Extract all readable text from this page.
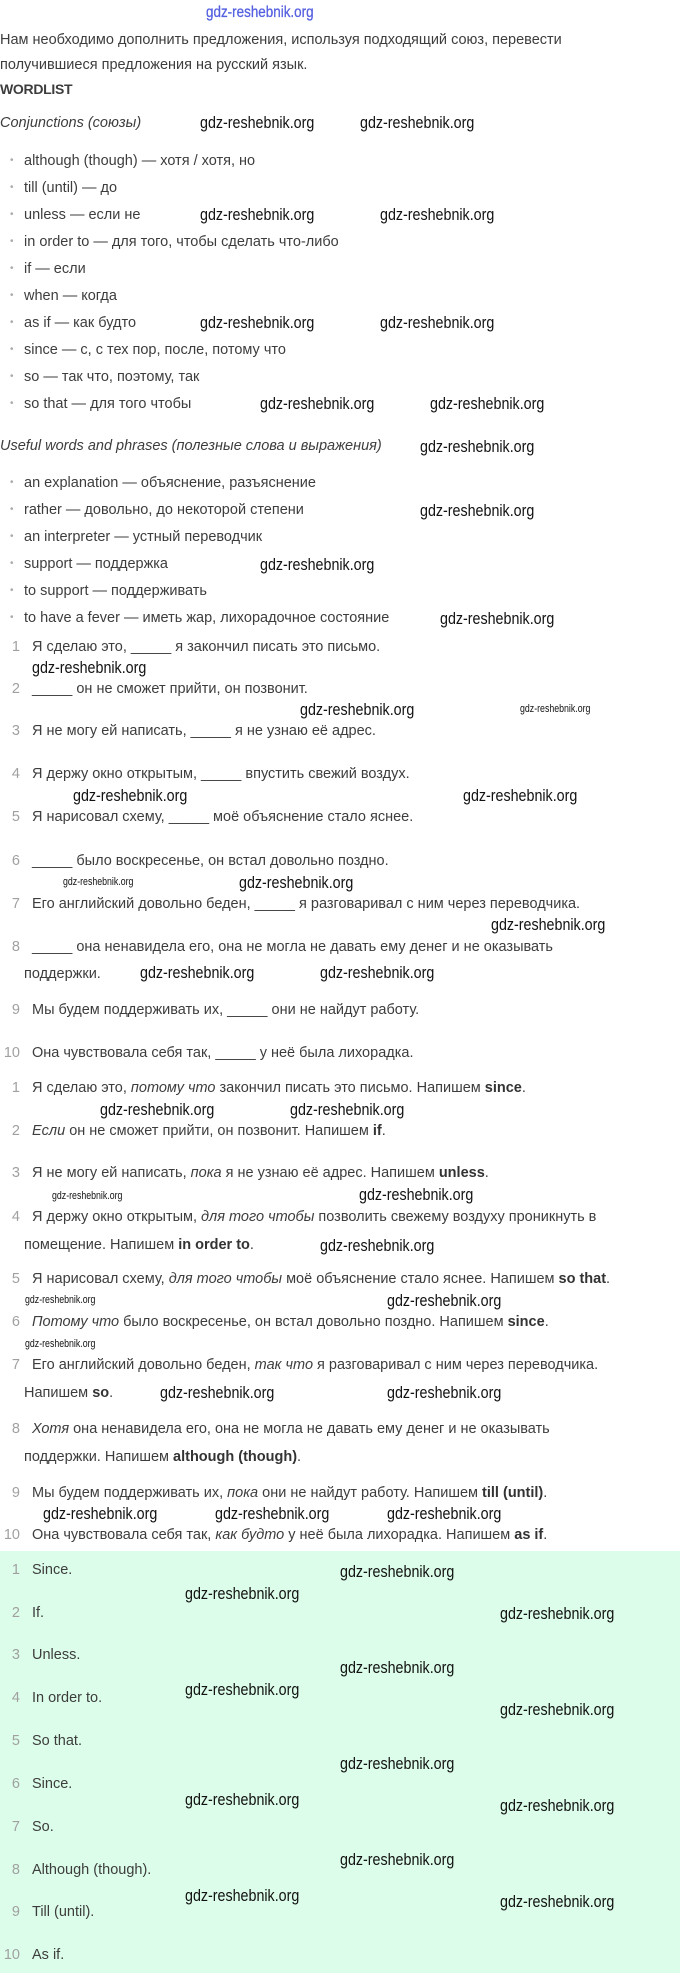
Нам необходимо дополнить предложения, используя подходящий союз, перевести
получившиеся предложения на русский язык.
WORDLIST
Conjunctions (союзы)
• although (though) — хотя / хотя, но
• till (until) — до
• unless — если не
• in order to — для того, чтобы сделать что-либо
• if — если
• when — когда
• as if — как будто
• since — с, с тех пор, после, потому что
• so — так что, поэтому, так
• so that — для того чтобы
Useful words and phrases (полезные слова и выражения)
• an explanation — объяснение, разъяснение
• rather — довольно, до некоторой степени
• an interpreter — устный переводчик
• support — поддержка
• to support — поддерживать
• to have a fever — иметь жар, лихорадочное состояние
1 Я сделаю это, _____ я закончил писать это письмо.
2 _____ он не сможет прийти, он позвонит.
3 Я не могу ей написать, _____ я не узнаю её адрес.
4 Я держу окно открытым, _____ впустить свежий воздух.
5 Я нарисовал схему, _____ моё объяснение стало яснее.
6 _____ было воскресенье, он встал довольно поздно.
7 Его английский довольно беден, _____ я разговаривал с ним через переводчика.
8 _____ она ненавидела его, она не могла не давать ему денег и не оказывать
поддержки.
9 Мы будем поддерживать их, _____ они не найдут работу.
10 Она чувствовала себя так, _____ у неё была лихорадка.
1 Я сделаю это, потому что закончил писать это письмо. Напишем since.
2 Если он не сможет прийти, он позвонит. Напишем if.
3 Я не могу ей написать, пока я не узнаю её адрес. Напишем unless.
4 Я держу окно открытым, для того чтобы позволить свежему воздуху проникнуть в
помещение. Напишем in order to.
5 Я нарисовал схему, для того чтобы моё объяснение стало яснее. Напишем so that.
6 Потому что было воскресенье, он встал довольно поздно. Напишем since.
7 Его английский довольно беден, так что я разговаривал с ним через переводчика.
Напишем so.
8 Хотя она ненавидела его, она не могла не давать ему денег и не оказывать
поддержки. Напишем although (though).
9 Мы будем поддерживать их, пока они не найдут работу. Напишем till (until).
10 Она чувствовала себя так, как будто у неё была лихорадка. Напишем as if.
1 Since.
2 If.
3 Unless.
4 In order to.
5 So that.
6 Since.
7 So.
8 Although (though).
9 Till (until).
10 As if.
gdz-reshebnik.org
gdz-reshebnik.org	gdz-reshebnik.org
gdz-reshebnik.org	gdz-reshebnik.org
gdz-reshebnik.org	gdz-reshebnik.org
gdz-reshebnik.org	gdz-reshebnik.org
gdz-reshebnik.org
gdz-reshebnik.org
gdz-reshebnik.org
gdz-reshebnik.org
gdz-reshebnik.org
gdz-reshebnik.org	gdz-reshebnik.org
gdz-reshebnik.org	gdz-reshebnik.org
gdz-reshebnik.org	gdz-reshebnik.org
gdz-reshebnik.org
gdz-reshebnik.org	gdz-reshebnik.org
gdz-reshebnik.org	gdz-reshebnik.org
gdz-reshebnik.org
gdz-reshebnik.org
gdz-reshebnik.org
gdz-reshebnik.org	gdz-reshebnik.org
gdz-reshebnik.org
gdz-reshebnik.org	gdz-reshebnik.org
gdz-reshebnik.org	gdz-reshebnik.org	gdz-reshebnik.org
gdz-reshebnik.org
gdz-reshebnik.org
gdz-reshebnik.org
gdz-reshebnik.org
gdz-reshebnik.org
gdz-reshebnik.org
gdz-reshebnik.org
gdz-reshebnik.org	gdz-reshebnik.org
gdz-reshebnik.org
gdz-reshebnik.org	gdz-reshebnik.org
